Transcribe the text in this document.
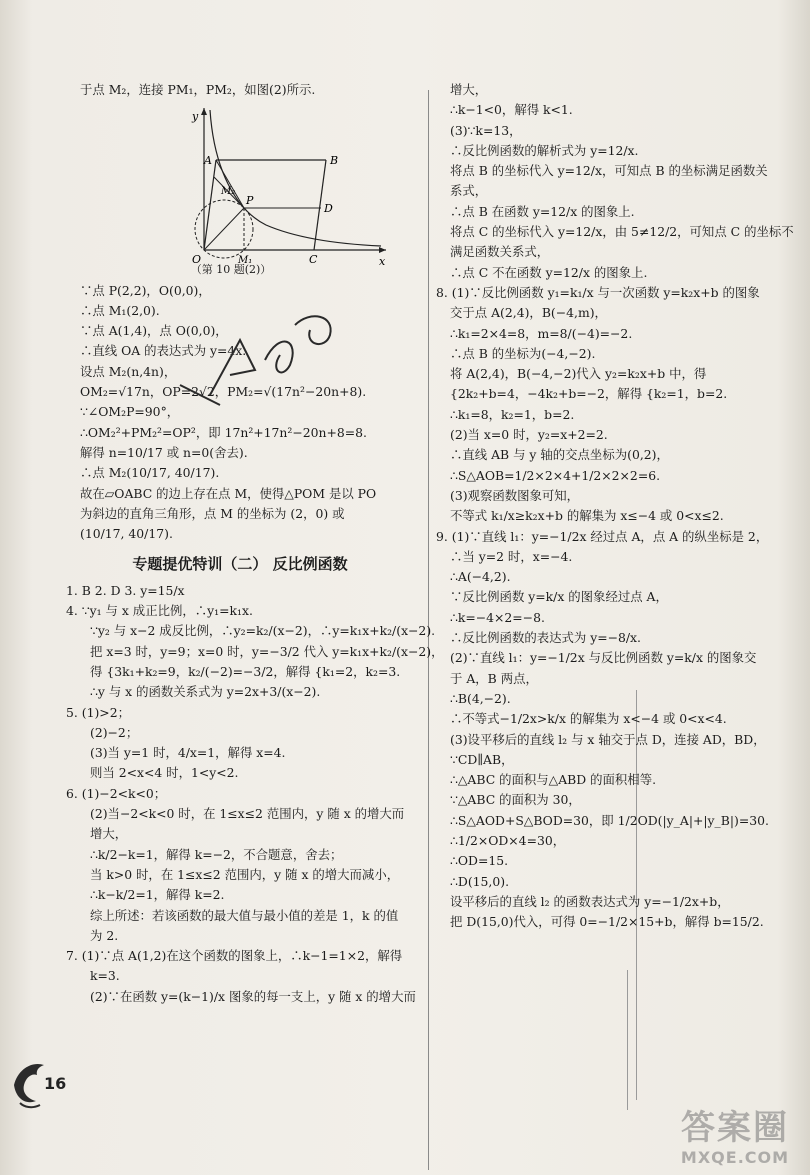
于点 M₂，连接 PM₁，PM₂，如图(2)所示.
y
x
A	B
P
D
M₂
O	M₁	C
（第 10 题(2)）
∵点 P(2,2)，O(0,0)，
∴点 M₁(2,0).
∵点 A(1,4)，点 O(0,0)，
∴直线 OA 的表达式为 y=4x.
设点 M₂(n,4n)，
OM₂=√17n，OP=2√2，PM₂=√(17n²−20n+8).
∵∠OM₂P=90°，
∴OM₂²+PM₂²=OP²，即 17n²+17n²−20n+8=8.
解得 n=10/17 或 n=0(舍去).
∴点 M₂(10/17, 40/17).
故在▱OABC 的边上存在点 M，使得△POM 是以 PO
为斜边的直角三角形，点 M 的坐标为 (2，0) 或
(10/17, 40/17).
专题提优特训（二） 反比例函数
1. B 2. D 3. y=15/x
4. ∵y₁ 与 x 成正比例，∴y₁=k₁x.
∵y₂ 与 x−2 成反比例，∴y₂=k₂/(x−2)，∴y=k₁x+k₂/(x−2).
把 x=3 时，y=9；x=0 时，y=−3/2 代入 y=k₁x+k₂/(x−2)，
得 {3k₁+k₂=9，k₂/(−2)=−3/2，解得 {k₁=2，k₂=3.
∴y 与 x 的函数关系式为 y=2x+3/(x−2).
5. (1)>2；
(2)−2；
(3)当 y=1 时，4/x=1，解得 x=4.
则当 2<x<4 时，1<y<2.
6. (1)−2<k<0；
(2)当−2<k<0 时，在 1≤x≤2 范围内，y 随 x 的增大而
增大，
∴k/2−k=1，解得 k=−2，不合题意，舍去；
当 k>0 时，在 1≤x≤2 范围内，y 随 x 的增大而减小，
∴k−k/2=1，解得 k=2.
综上所述：若该函数的最大值与最小值的差是 1，k 的值
为 2.
7. (1)∵点 A(1,2)在这个函数的图象上，∴k−1=1×2，解得
k=3.
(2)∵在函数 y=(k−1)/x 图象的每一支上，y 随 x 的增大而
增大，
∴k−1<0，解得 k<1.
(3)∵k=13，
∴反比例函数的解析式为 y=12/x.
将点 B 的坐标代入 y=12/x，可知点 B 的坐标满足函数关
系式，
∴点 B 在函数 y=12/x 的图象上.
将点 C 的坐标代入 y=12/x，由 5≠12/2，可知点 C 的坐标不
满足函数关系式，
∴点 C 不在函数 y=12/x 的图象上.
8. (1)∵反比例函数 y₁=k₁/x 与一次函数 y=k₂x+b 的图象
交于点 A(2,4)，B(−4,m)，
∴k₁=2×4=8，m=8/(−4)=−2.
∴点 B 的坐标为(−4,−2).
将 A(2,4)，B(−4,−2)代入 y₂=k₂x+b 中，得
{2k₂+b=4，−4k₂+b=−2，解得 {k₂=1，b=2.
∴k₁=8，k₂=1，b=2.
(2)当 x=0 时，y₂=x+2=2.
∴直线 AB 与 y 轴的交点坐标为(0,2)，
∴S△AOB=1/2×2×4+1/2×2×2=6.
(3)观察函数图象可知，
不等式 k₁/x≥k₂x+b 的解集为 x≤−4 或 0<x≤2.
9. (1)∵直线 l₁：y=−1/2x 经过点 A，点 A 的纵坐标是 2，
∴当 y=2 时，x=−4.
∴A(−4,2).
∵反比例函数 y=k/x 的图象经过点 A，
∴k=−4×2=−8.
∴反比例函数的表达式为 y=−8/x.
(2)∵直线 l₁：y=−1/2x 与反比例函数 y=k/x 的图象交
于 A，B 两点，
∴B(4,−2).
∴不等式−1/2x>k/x 的解集为 x<−4 或 0<x<4.
(3)设平移后的直线 l₂ 与 x 轴交于点 D，连接 AD，BD，
∵CD∥AB，
∴△ABC 的面积与△ABD 的面积相等.
∵△ABC 的面积为 30，
∴S△AOD+S△BOD=30，即 1/2OD(|y_A|+|y_B|)=30.
∴1/2×OD×4=30，
∴OD=15.
∴D(15,0).
设平移后的直线 l₂ 的函数表达式为 y=−1/2x+b，
把 D(15,0)代入，可得 0=−1/2×15+b，解得 b=15/2.
16
答案圈
MXQE.COM
